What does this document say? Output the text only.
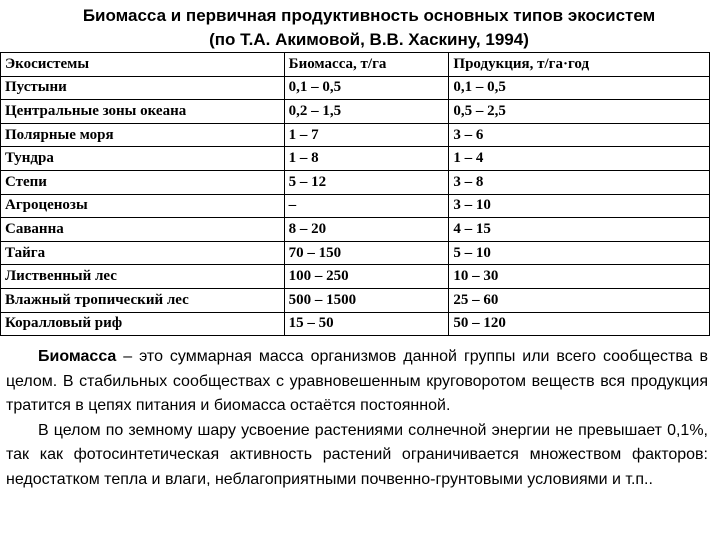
Биомасса и первичная продуктивность основных типов экосистем
(по Т.А. Акимовой, В.В. Хаскину, 1994)
Экосистемы	Биомасса, т/га	Продукция, т/га·год
Пустыни	0,1 – 0,5	0,1 – 0,5
Центральные зоны океана	0,2 – 1,5	0,5 – 2,5
Полярные моря	1 – 7	3 – 6
Тундра	1 – 8	1 – 4
Степи	5 – 12	3 – 8
Агроценозы	–	3 – 10
Саванна	8 – 20	4 – 15
Тайга	70 – 150	5 – 10
Лиственный лес	100 – 250	10 – 30
Влажный тропический лес	500 – 1500	25 – 60
Коралловый риф	15 – 50	50 – 120

Биомасса – это суммарная масса организмов данной группы или всего сообщества в целом. В стабильных сообществах с уравновешенным круговоротом веществ вся продукция тратится в цепях питания и биомасса остаётся постоянной.

В целом по земному шару усвоение растениями солнечной энергии не превышает 0,1%, так как фотосинтетическая активность растений ограничивается множеством факторов: недостатком тепла и влаги, неблагоприятными почвенно-грунтовыми условиями и т.п..
